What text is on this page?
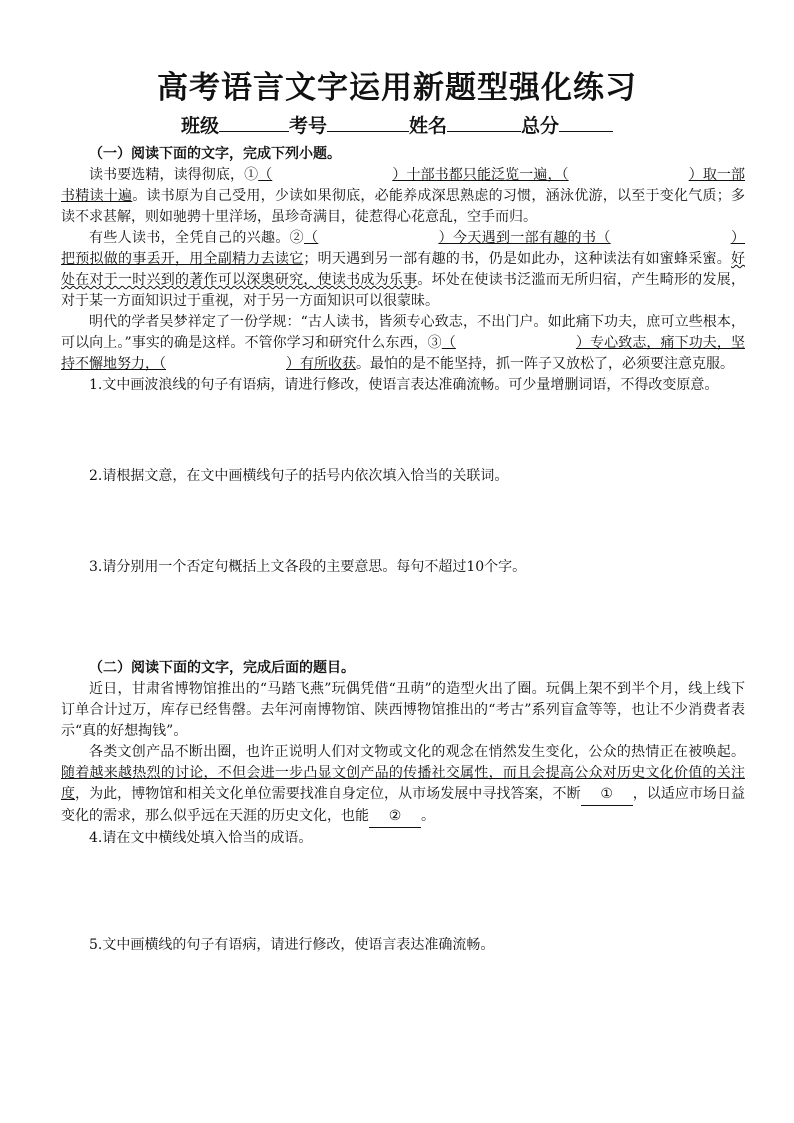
高考语言文字运用新题型强化练习
班级	考号	姓名	总分

（一）阅读下面的文字，完成下列小题。

读书要选精，读得彻底，①（	）十部书都只能泛览一遍，（	）取一部书精读十遍。读书原为自己受用，少读如果彻底，必能养成深思熟虑的习惯，涵泳优游，以至于变化气质；多读不求甚解，则如驰骋十里洋场，虽珍奇满目，徒惹得心花意乱，空手而归。

有些人读书，全凭自己的兴趣。②（	）今天遇到一部有趣的书（	）把预拟做的事丢开，用全副精力去读它；明天遇到另一部有趣的书，仍是如此办，这种读法有如蜜蜂采蜜。好处在对于一时兴到的著作可以深奥研究，使读书成为乐事。坏处在使读书泛滥而无所归宿，产生畸形的发展，对于某一方面知识过于重视，对于另一方面知识可以很蒙昧。

明代的学者吴梦祥定了一份学规：“古人读书，皆须专心致志，不出门户。如此痛下功夫，庶可立些根本，可以向上。”事实的确是这样。不管你学习和研究什么东西，③（	）专心致志，痛下功夫，坚持不懈地努力，（	）有所收获。最怕的是不能坚持，抓一阵子又放松了，必须要注意克服。

1.文中画波浪线的句子有语病，请进行修改，使语言表达准确流畅。可少量增删词语，不得改变原意。

2.请根据文意，在文中画横线句子的括号内依次填入恰当的关联词。

3.请分别用一个否定句概括上文各段的主要意思。每句不超过10个字。

（二）阅读下面的文字，完成后面的题目。

近日，甘肃省博物馆推出的“马踏飞燕”玩偶凭借“丑萌”的造型火出了圈。玩偶上架不到半个月，线上线下订单合计过万，库存已经售罄。去年河南博物馆、陕西博物馆推出的“考古”系列盲盒等等，也让不少消费者表示“真的好想掏钱”。

各类文创产品不断出圈，也许正说明人们对文物或文化的观念在悄然发生变化，公众的热情正在被唤起。随着越来越热烈的讨论，不但会进一步凸显文创产品的传播社交属性，而且会提高公众对历史文化价值的关注度，为此，博物馆和相关文化单位需要找准自身定位，从市场发展中寻找答案，不断 ① ，以适应市场日益变化的需求，那么似乎远在天涯的历史文化，也能 ② 。

4.请在文中横线处填入恰当的成语。

5.文中画横线的句子有语病，请进行修改，使语言表达准确流畅。
